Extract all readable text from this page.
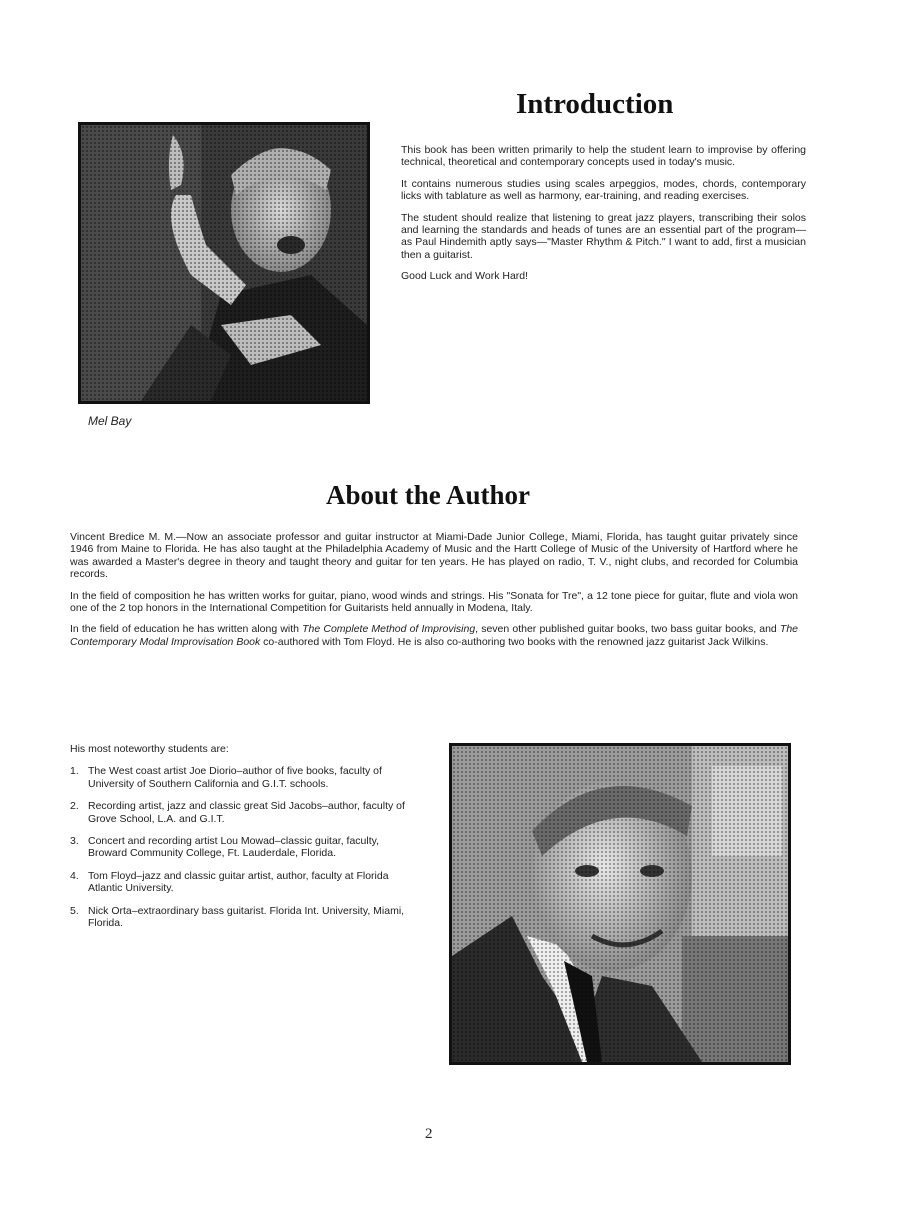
Mel Bay
Introduction

This book has been written primarily to help the student learn to improvise by offering technical, theoretical and contemporary concepts used in today's music.

It contains numerous studies using scales arpeggios, modes, chords, contemporary licks with tablature as well as harmony, ear-training, and reading exercises.

The student should realize that listening to great jazz players, transcribing their solos and learning the standards and heads of tunes are an essential part of the program—as Paul Hindemith aptly says—"Master Rhythm & Pitch." I want to add, first a musician then a guitarist.

Good Luck and Work Hard!

About the Author

Vincent Bredice M. M.—Now an associate professor and guitar instructor at Miami-Dade Junior College, Miami, Florida, has taught guitar privately since 1946 from Maine to Florida. He has also taught at the Philadelphia Academy of Music and the Hartt College of Music of the University of Hartford where he was awarded a Master's degree in theory and taught theory and guitar for ten years. He has played on radio, T. V., night clubs, and recorded for Columbia records.

In the field of composition he has written works for guitar, piano, wood winds and strings. His "Sonata for Tre", a 12 tone piece for guitar, flute and viola won one of the 2 top honors in the International Competition for Guitarists held annually in Modena, Italy.

In the field of education he has written along with The Complete Method of Improvising, seven other published guitar books, two bass guitar books, and The Contemporary Modal Improvisation Book co-authored with Tom Floyd. He is also co-authoring two books with the renowned jazz guitarist Jack Wilkins.

His most noteworthy students are:
1. The West coast artist Joe Diorio–author of five books, faculty of University of Southern California and G.I.T. schools.
2. Recording artist, jazz and classic great Sid Jacobs–author, faculty of Grove School, L.A. and G.I.T.
3. Concert and recording artist Lou Mowad–classic guitar, faculty, Broward Community College, Ft. Lauderdale, Florida.
4. Tom Floyd–jazz and classic guitar artist, author, faculty at Florida Atlantic University.
5. Nick Orta–extraordinary bass guitarist. Florida Int. University, Miami, Florida.
2
